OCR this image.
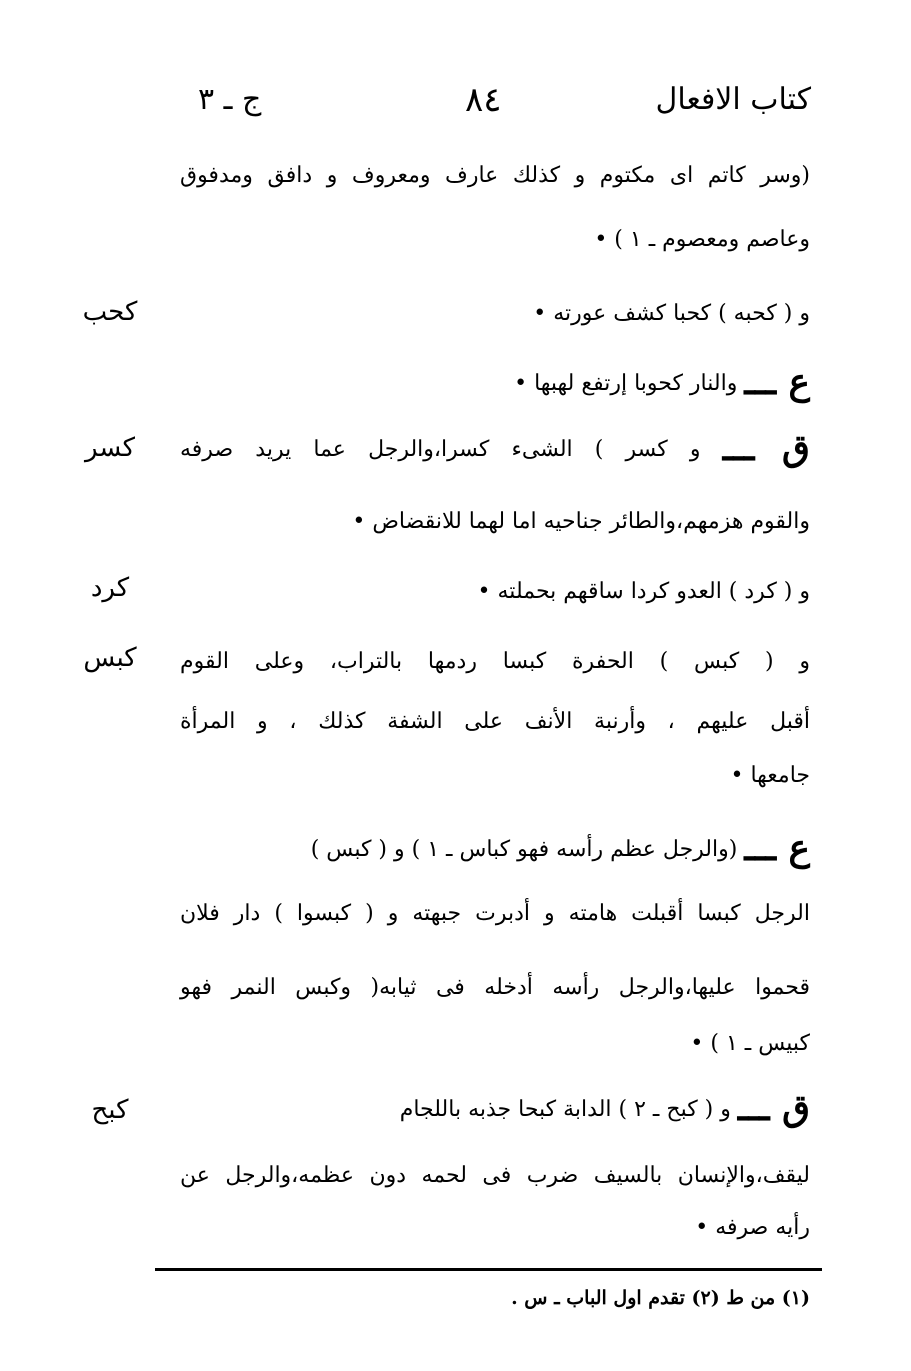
كتاب الافعال
٨٤
ج ـ ٣
(وسر كاتم اى مكتوم و كذلك عارف ومعروف و دافق ومدفوق
وعاصم ومعصوم ـ ١ ) •
و ( كحبه ) كحبا كشف عورته •
كحب
ع ـــ والنار كحوبا إرتفع لهبها •
ق ـــ و كسر ) الشىء كسرا،والرجل عما يريد صرفه
كسر
والقوم هزمهم،والطائر جناحيه اما لهما للانقضاض •
و ( كرد ) العدو كردا ساقهم بحملته •
كرد
و ( كبس ) الحفرة كبسا ردمها بالتراب، وعلى القوم
كبس
أقبل عليهم ، وأرنبة الأنف على الشفة كذلك ، و المرأة
جامعها •
ع ـــ (والرجل عظم رأسه فهو كباس ـ ١ ) و ( كبس )
الرجل كبسا أقبلت هامته و أدبرت جبهته و ( كبسوا ) دار فلان
قحموا عليها،والرجل رأسه أدخله فى ثيابه( وكبس النمر فهو
كبيس ـ ١ ) •
ق ـــ و ( كبح ـ ٢ ) الدابة كبحا جذبه باللجام
كبح
ليقف،والإنسان بالسيف ضرب فى لحمه دون عظمه،والرجل عن
رأيه صرفه •
(١) من ط (٢) تقدم اول الباب ـ س .
